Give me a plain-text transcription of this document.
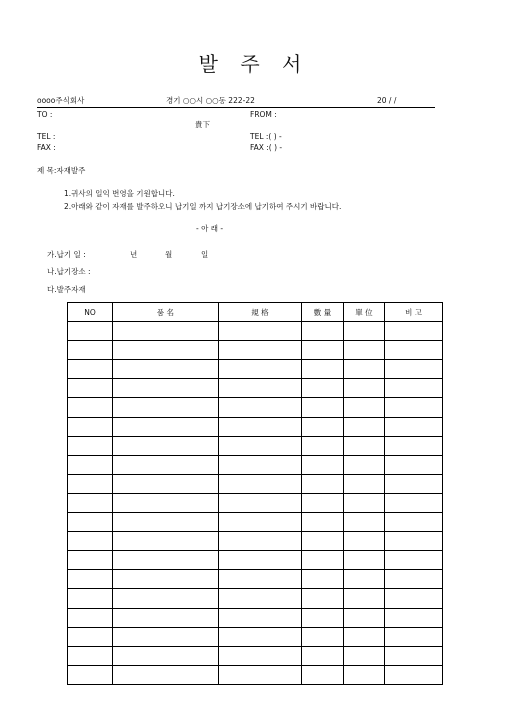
발 주 서
oooo주식회사	경기 ○○시 ○○동 222-22	20 / /
TO :	FROM :
貴下
TEL :	TEL :( ) -
FAX :	FAX :( ) -
제 목:자재발주
1.귀사의 일익 번영을 기원합니다.
2.아래와 같이 자재를 발주하오니 납기일 까지 납기장소에 납기하여 주시기 바랍니다.
- 아 래 -
가.납기 일 :	년	월	일
나.납기장소 :
다.발주자재
NO	품 名	規 格	數 量	單 位	비 고
